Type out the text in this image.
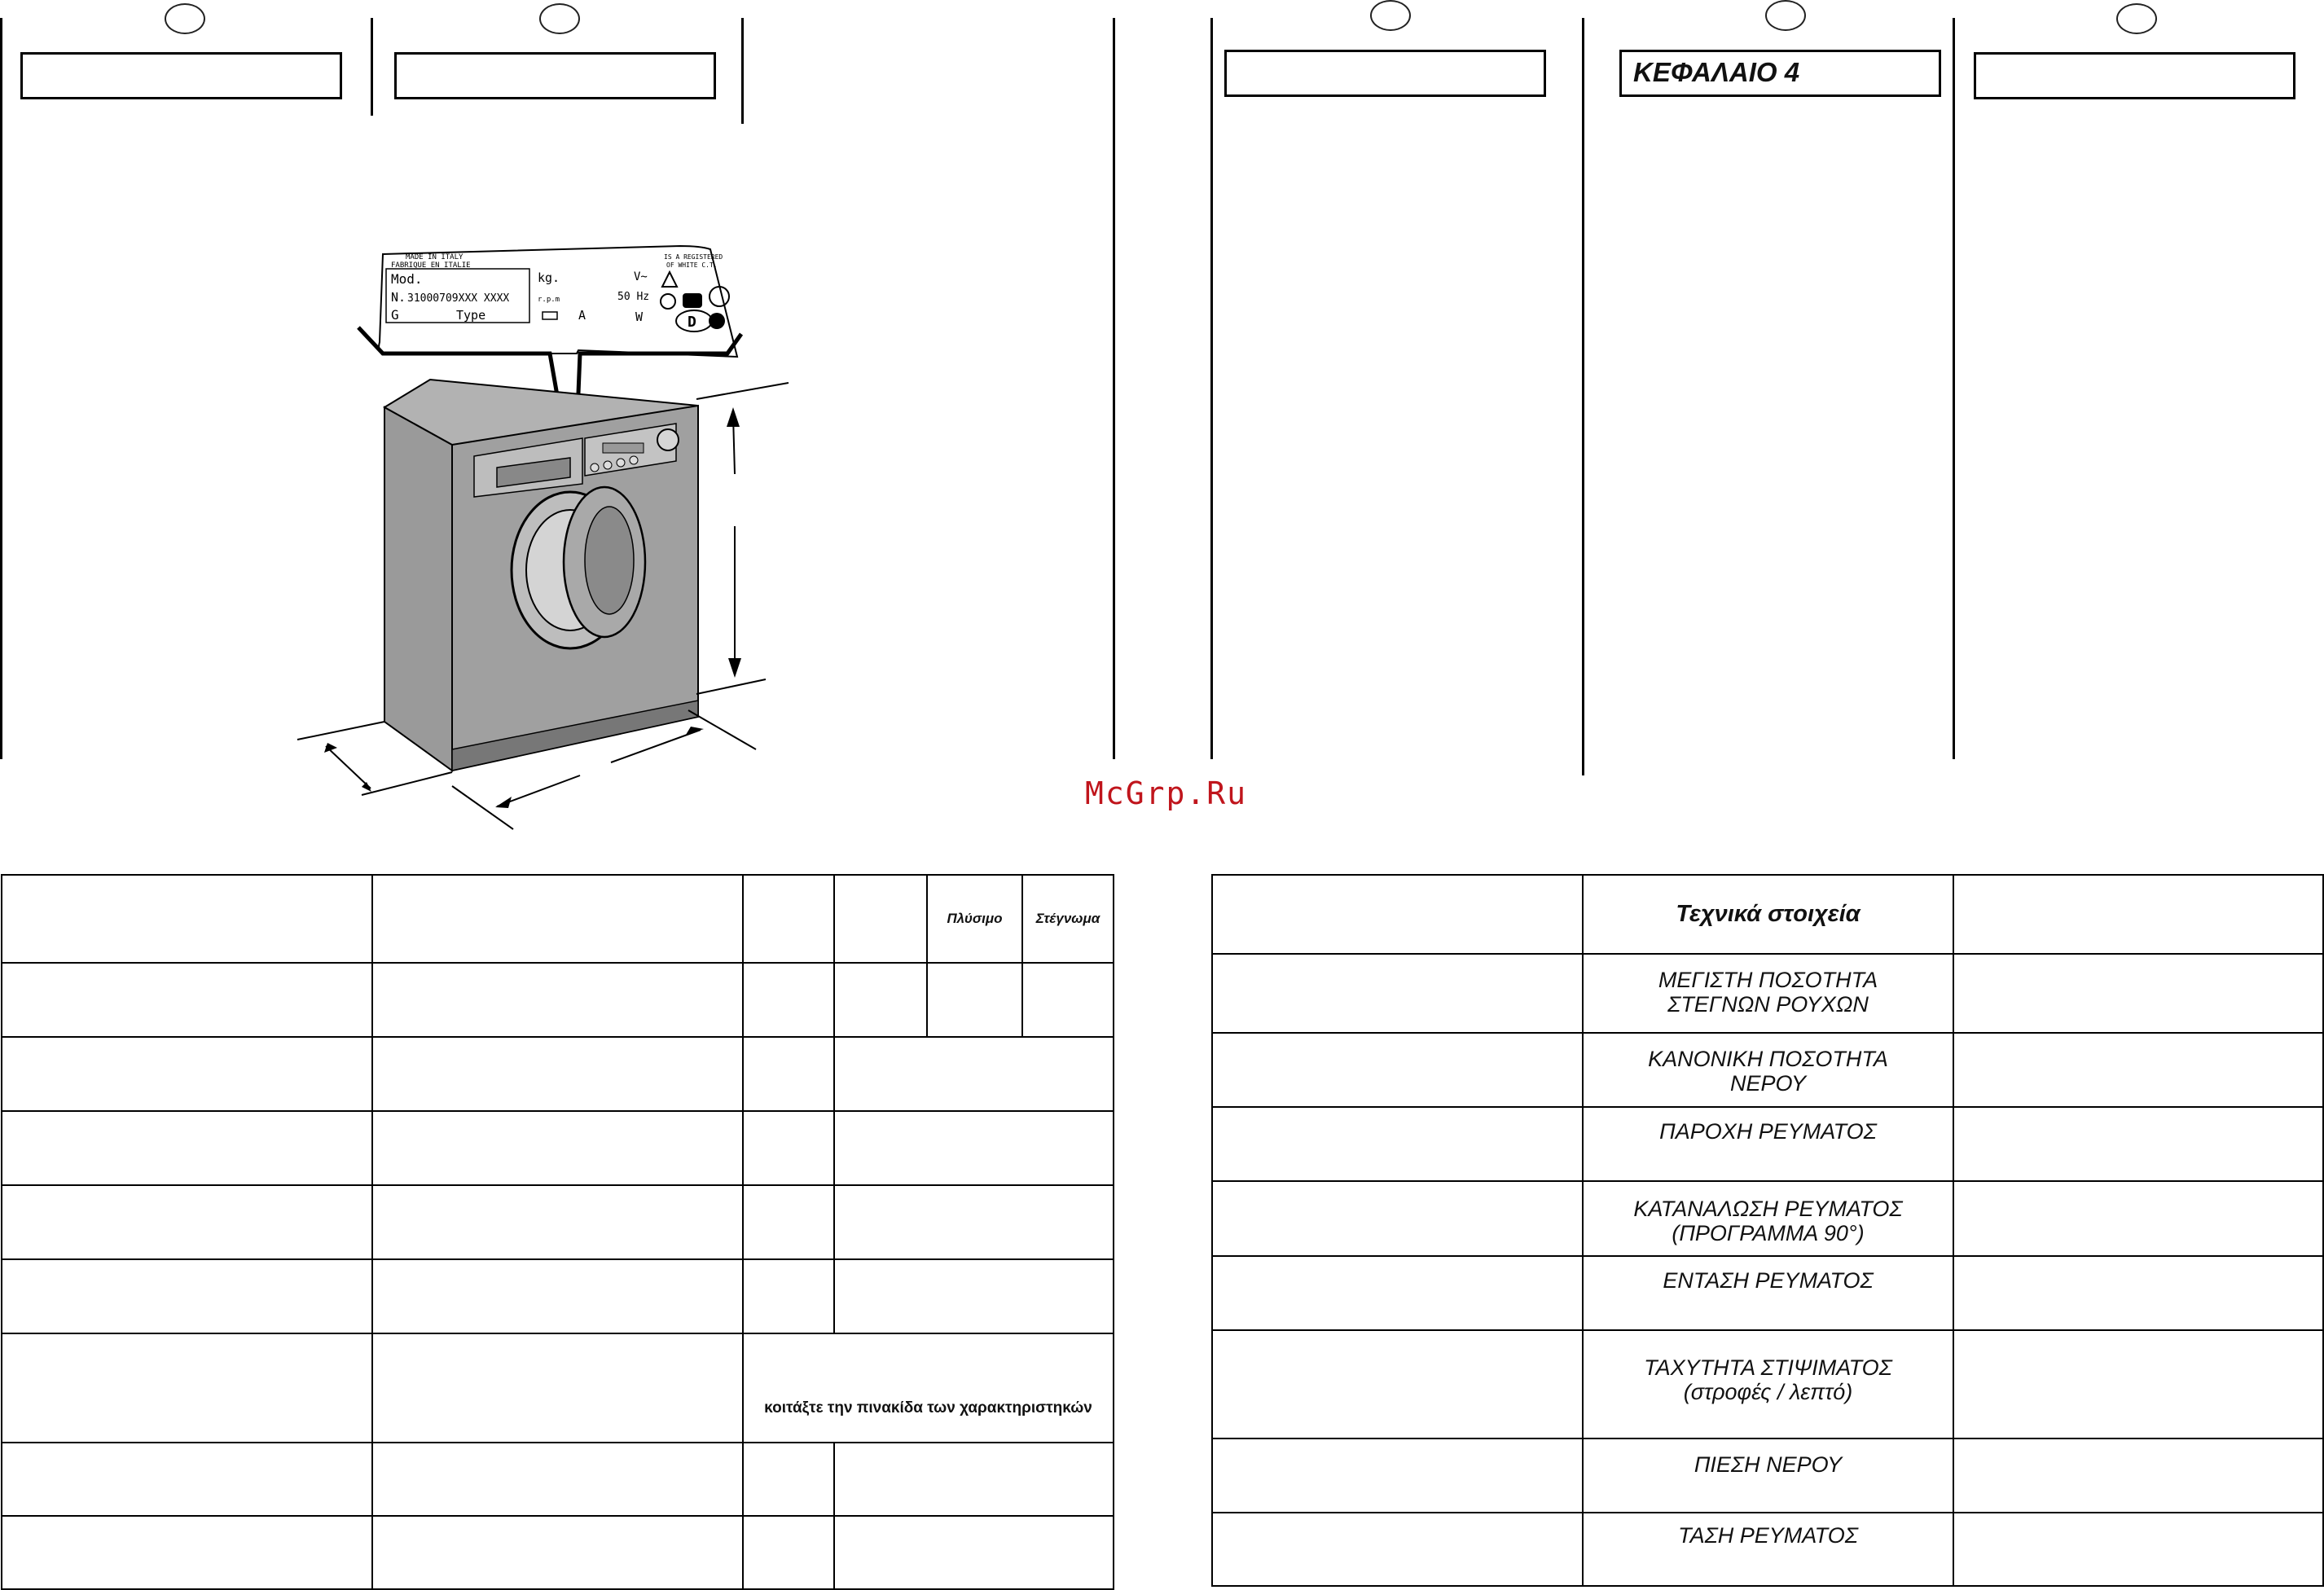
ΚΕΦΑΛΑΙΟ 4
MADE IN ITALY
FABRIQUE EN ITALIE
IS A REGISTERED
OF WHITE C.T.
Mod.
N. 31000709XXX XXXX
G	Type
kg.
r.p.m
V~
50 Hz
A	W	D
McGrp.Ru
				Πλύσιμο	Στέγνωμα

		κοιτάξτε την πινακίδα των χαρακτηριστηκών			

	Τεχνικά στοιχεία	

	ΜΕΓΙΣΤΗ ΠΟΣΟΤΗΤΑ
ΣΤΕΓΝΩΝ ΡΟΥΧΩΝ	

	ΚΑΝΟΝΙΚΗ ΠΟΣΟΤΗΤΑ
ΝΕΡΟΥ	

	ΠΑΡΟΧΗ ΡΕΥΜΑΤΟΣ	

	ΚΑΤΑΝΑΛΩΣΗ ΡΕΥΜΑΤΟΣ
(ΠΡΟΓΡΑΜΜΑ 90°)	

	ΕΝΤΑΣΗ ΡΕΥΜΑΤΟΣ	

	ΤΑΧΥΤΗΤΑ ΣΤΙΨΙΜΑΤΟΣ
(στροφές / λεπτό)	

	ΠΙΕΣΗ ΝΕΡΟΥ	

	ΤΑΣΗ ΡΕΥΜΑΤΟΣ	
